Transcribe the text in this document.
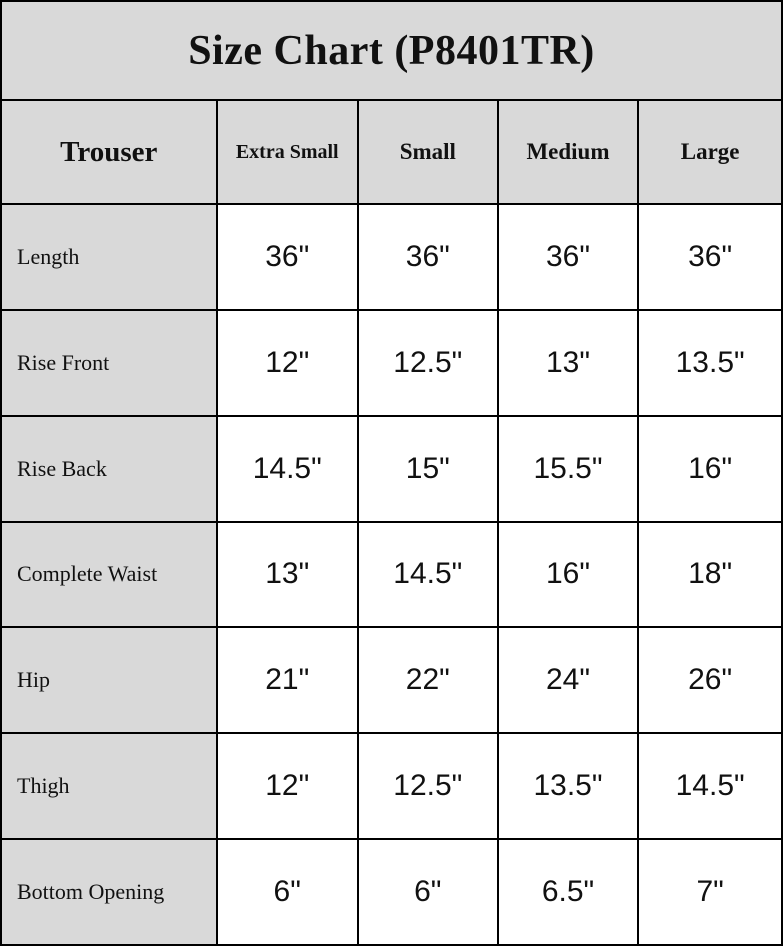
Size Chart (P8401TR)				
Trouser	Extra Small	Small	Medium	Large
Length	36"	36"	36"	36"
Rise Front	12"	12.5"	13"	13.5"
Rise Back	14.5"	15"	15.5"	16"
Complete Waist	13"	14.5"	16"	18"
Hip	21"	22"	24"	26"
Thigh	12"	12.5"	13.5"	14.5"
Bottom Opening	6"	6"	6.5"	7"
